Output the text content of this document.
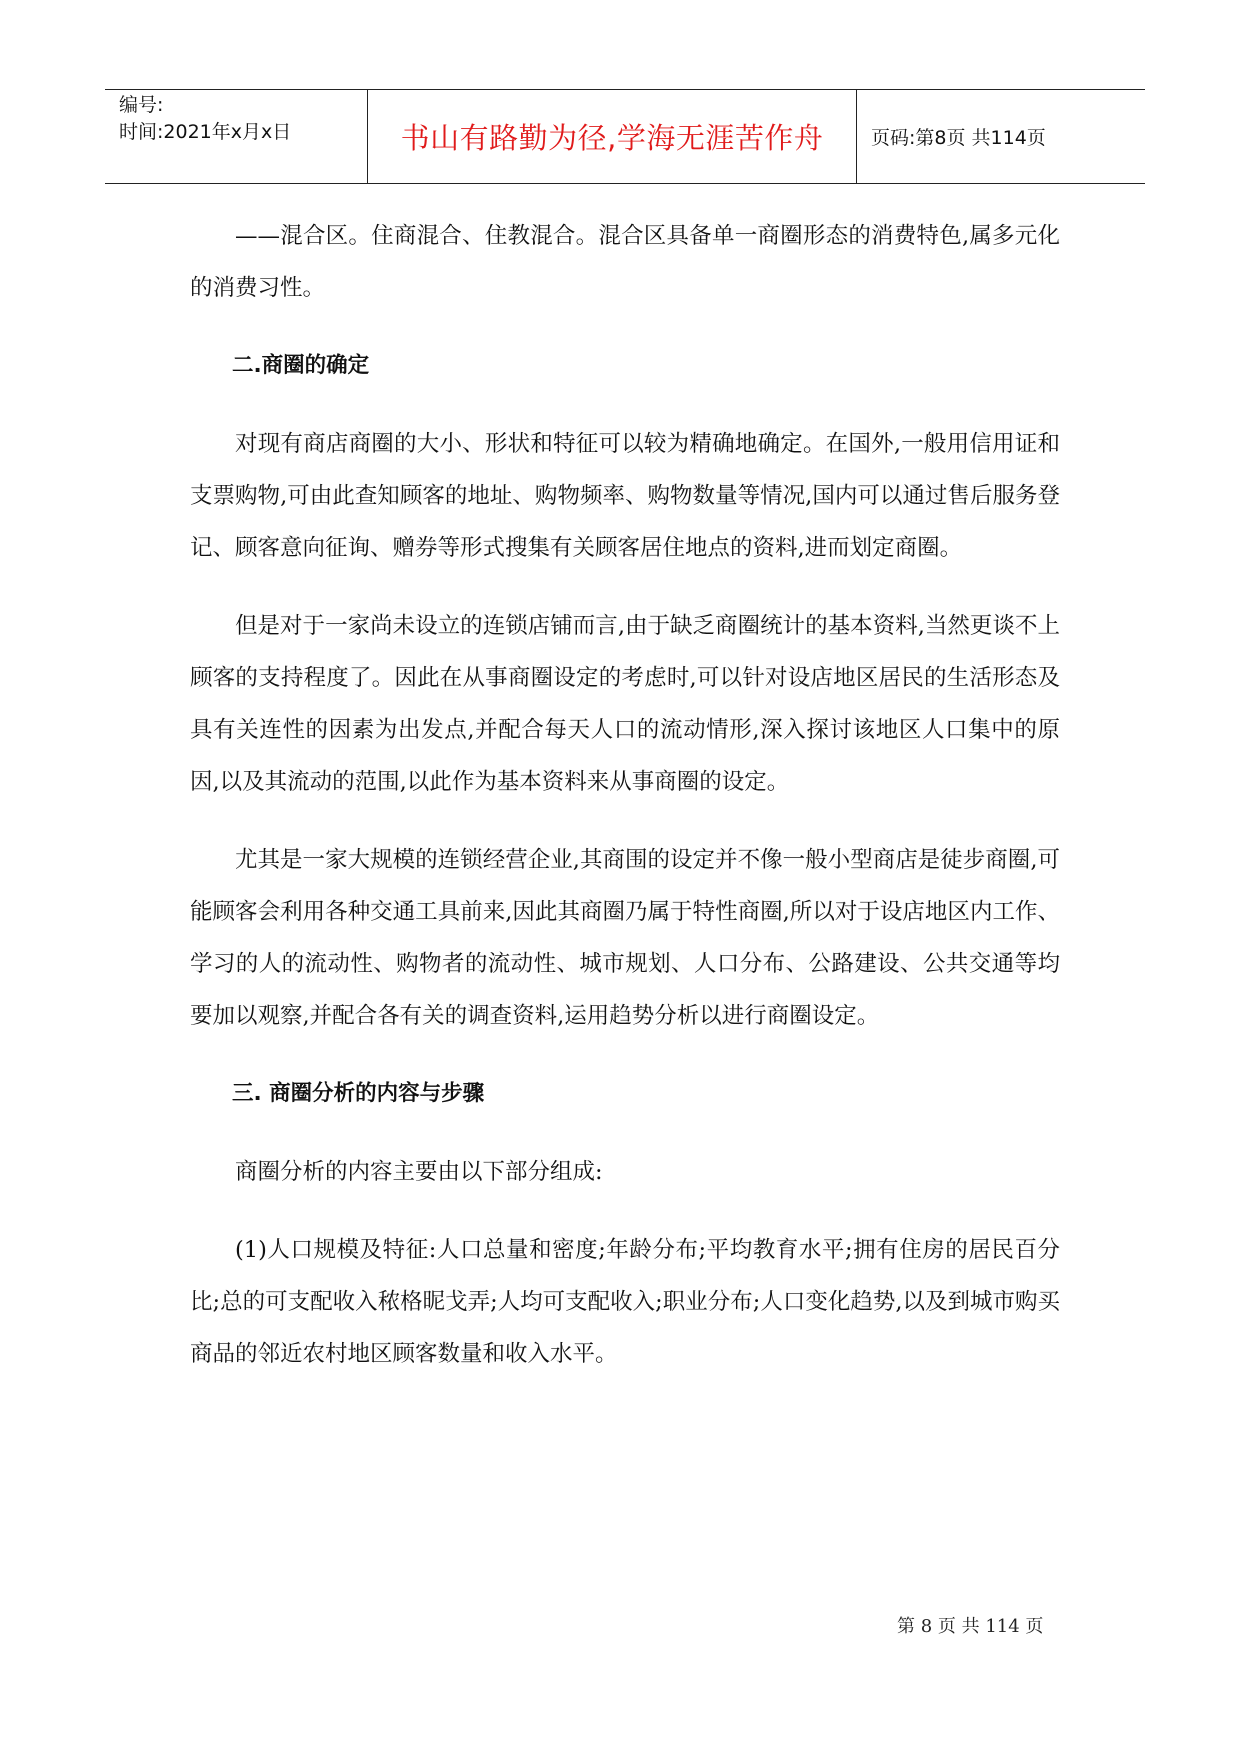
编号:
时间:2021年x月x日	书山有路勤为径,学海无涯苦作舟	页码:第8页 共114页

——混合区。住商混合、住教混合。混合区具备单一商圈形态的消费特色,属多元化的消费习性。

二.商圈的确定

对现有商店商圈的大小、形状和特征可以较为精确地确定。在国外,一般用信用证和支票购物,可由此查知顾客的地址、购物频率、购物数量等情况,国内可以通过售后服务登记、顾客意向征询、赠券等形式搜集有关顾客居住地点的资料,进而划定商圈。

但是对于一家尚未设立的连锁店铺而言,由于缺乏商圈统计的基本资料,当然更谈不上顾客的支持程度了。因此在从事商圈设定的考虑时,可以针对设店地区居民的生活形态及具有关连性的因素为出发点,并配合每天人口的流动情形,深入探讨该地区人口集中的原因,以及其流动的范围,以此作为基本资料来从事商圈的设定。

尤其是一家大规模的连锁经营企业,其商围的设定并不像一般小型商店是徒步商圈,可能顾客会利用各种交通工具前来,因此其商圈乃属于特性商圈,所以对于设店地区内工作、学习的人的流动性、购物者的流动性、城市规划、人口分布、公路建设、公共交通等均要加以观察,并配合各有关的调查资料,运用趋势分析以进行商圈设定。

三. 商圈分析的内容与步骤

商圈分析的内容主要由以下部分组成:

(1)人口规模及特征:人口总量和密度;年龄分布;平均教育水平;拥有住房的居民百分比;总的可支配收入秾格昵戈弄;人均可支配收入;职业分布;人口变化趋势,以及到城市购买商品的邻近农村地区顾客数量和收入水平。

第 8 页 共 114 页
